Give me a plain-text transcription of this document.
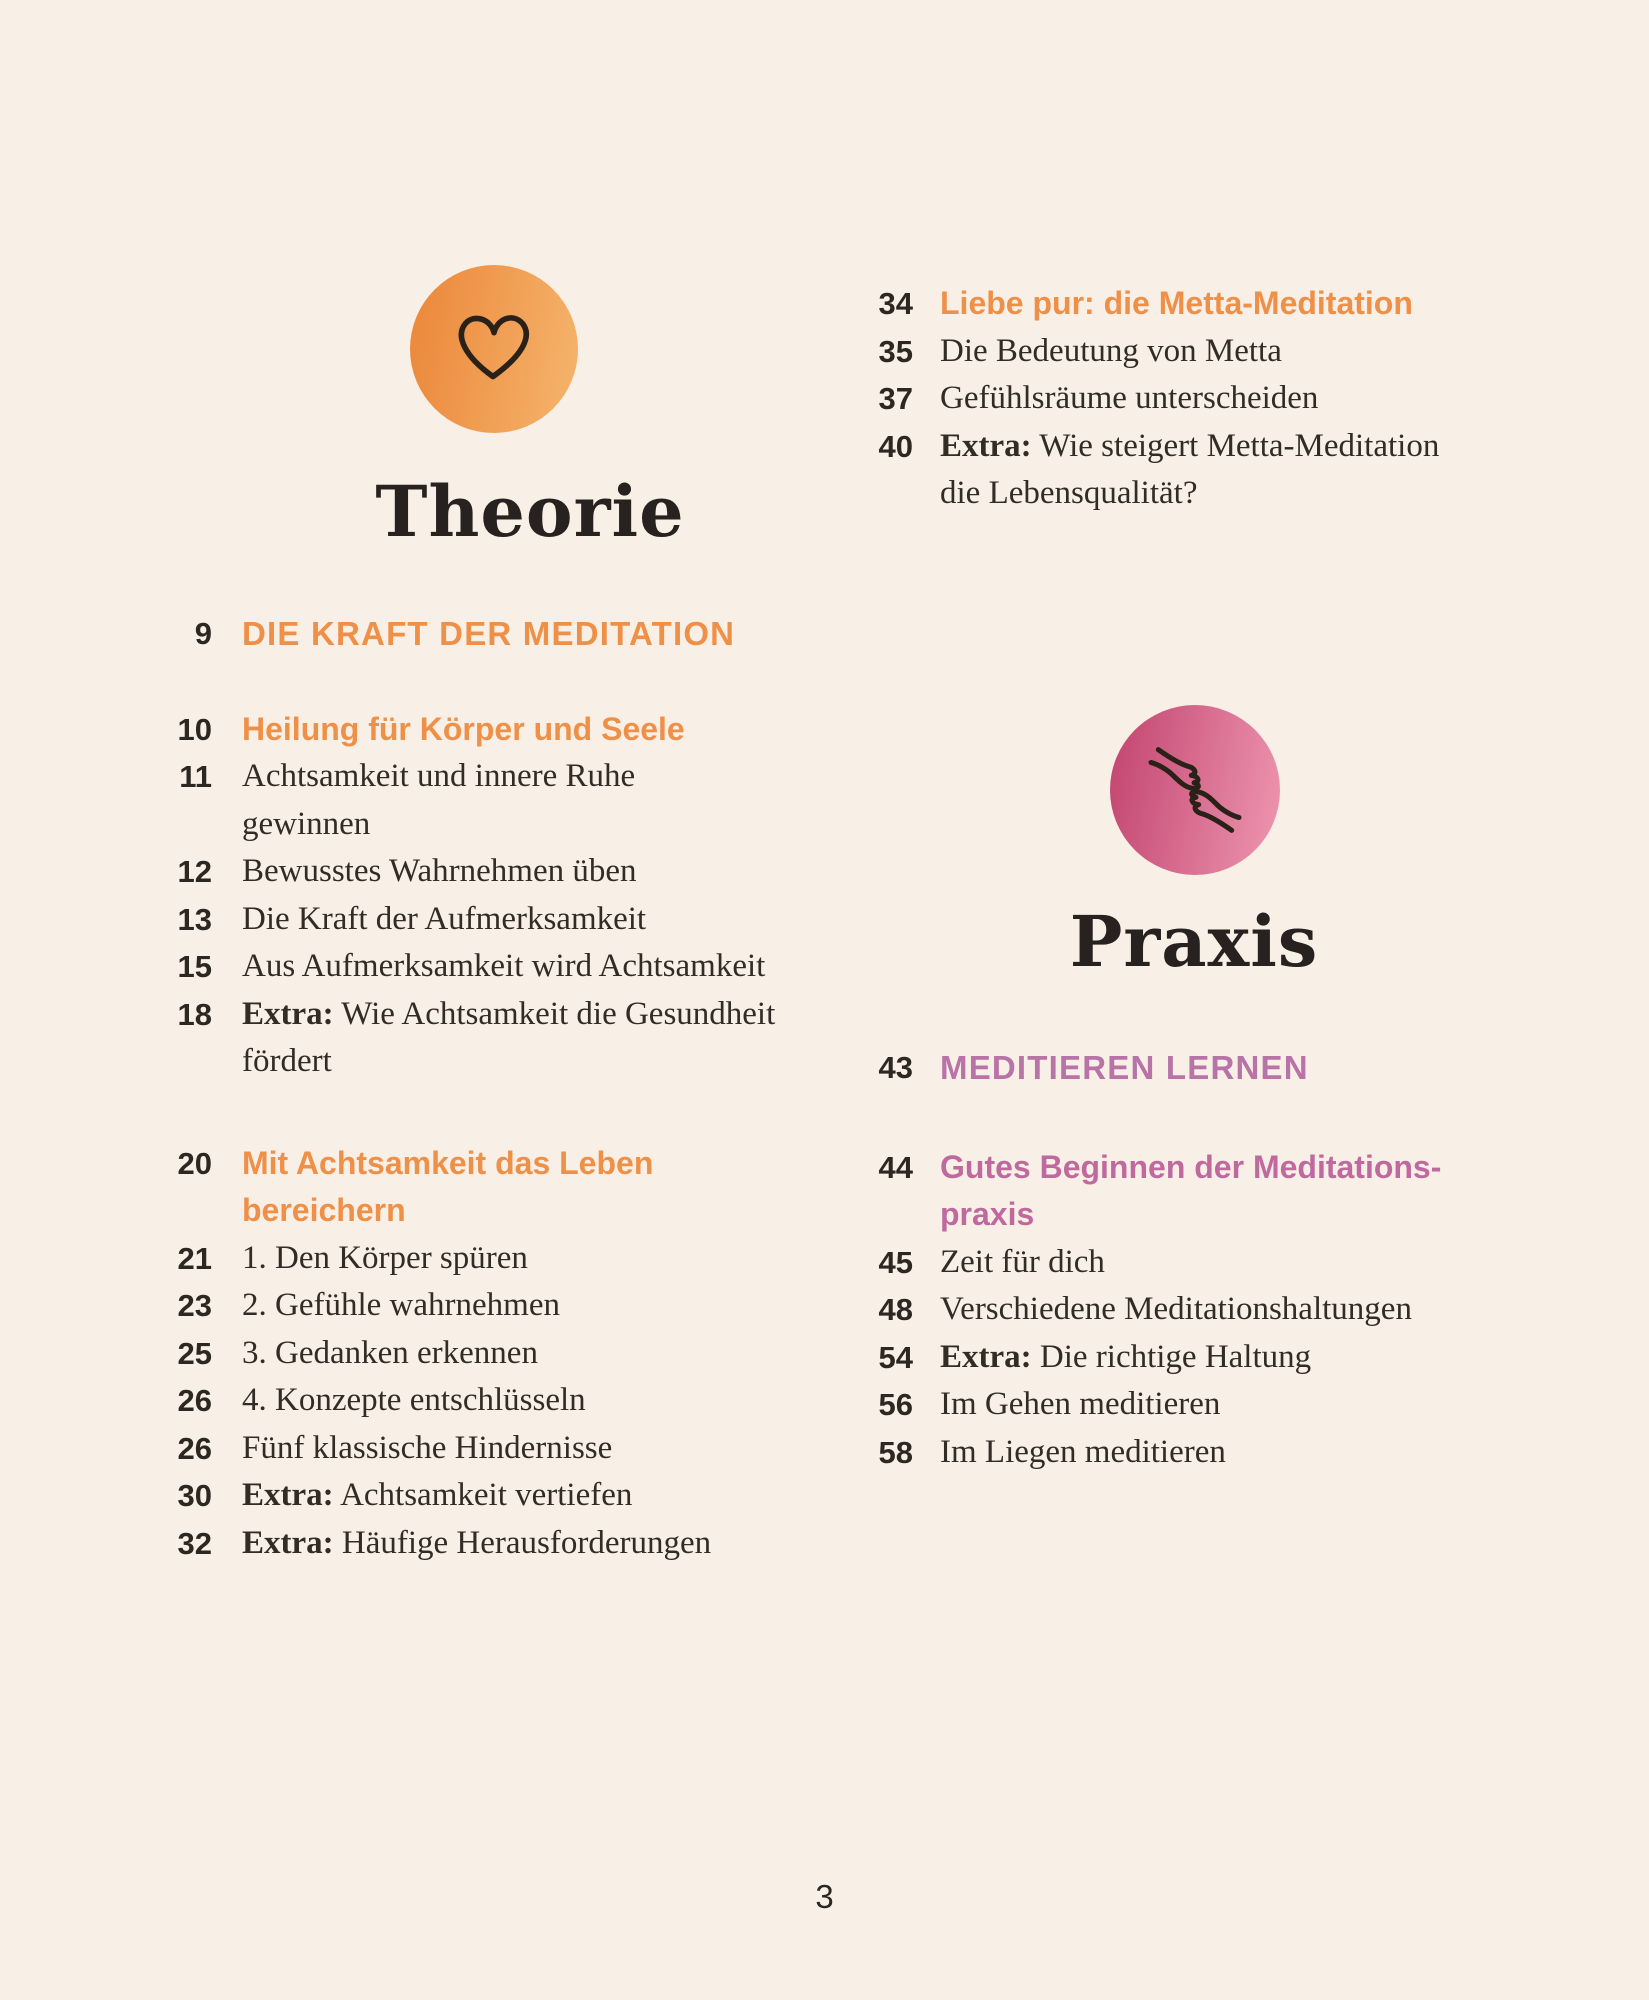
Theorie
9 DIE KRAFT DER MEDITATION
10 Heilung für Körper und Seele
11 Achtsamkeit und innere Ruhe
gewinnen
12 Bewusstes Wahrnehmen üben
13 Die Kraft der Aufmerksamkeit
15 Aus Aufmerksamkeit wird Achtsamkeit
18 Extra: Wie Achtsamkeit die Gesundheit
fördert
20 Mit Achtsamkeit das Leben
bereichern
21 1. Den Körper spüren
23 2. Gefühle wahrnehmen
25 3. Gedanken erkennen
26 4. Konzepte entschlüsseln
26 Fünf klassische Hindernisse
30 Extra: Achtsamkeit vertiefen
32 Extra: Häufige Herausforderungen
34 Liebe pur: die Metta-Meditation
35 Die Bedeutung von Metta
37 Gefühlsräume unterscheiden
40 Extra: Wie steigert Metta-Meditation
die Lebensqualität?
Praxis
43 MEDITIEREN LERNEN
44 Gutes Beginnen der Meditations-
praxis
45 Zeit für dich
48 Verschiedene Meditationshaltungen
54 Extra: Die richtige Haltung
56 Im Gehen meditieren
58 Im Liegen meditieren
3
